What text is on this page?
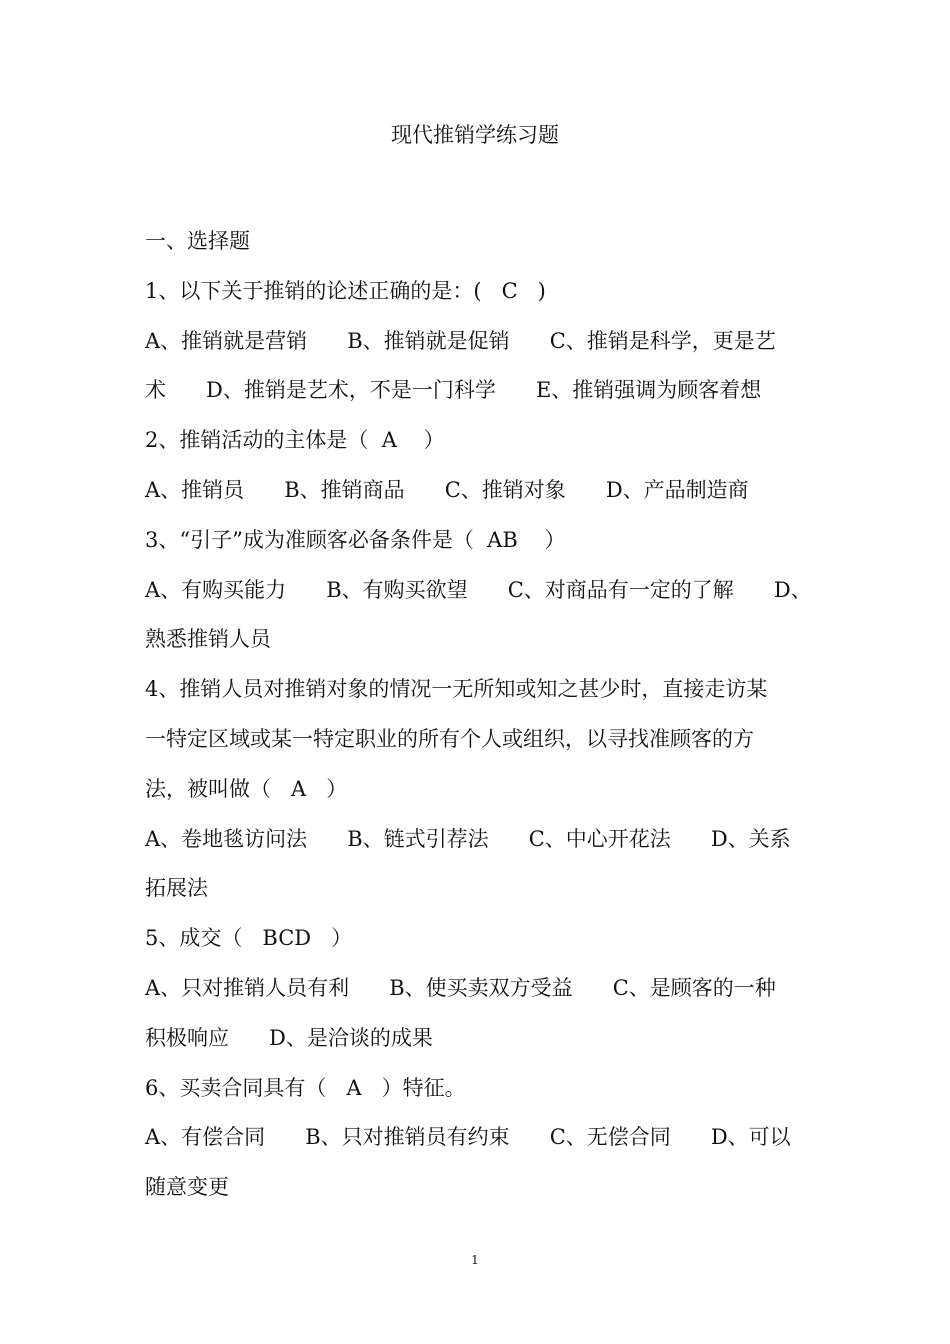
现代推销学练习题
一、选择题
1、以下关于推销的论述正确的是：(   C   )
A、推销就是营销      B、推销就是促销      C、推销是科学，更是艺
术      D、推销是艺术，不是一门科学      E、推销强调为顾客着想
2、推销活动的主体是（  A    ）
A、推销员      B、推销商品      C、推销对象      D、产品制造商
3、“引子”成为准顾客必备条件是（  AB    ）
A、有购买能力      B、有购买欲望      C、对商品有一定的了解      D、
熟悉推销人员
4、推销人员对推销对象的情况一无所知或知之甚少时，直接走访某
一特定区域或某一特定职业的所有个人或组织，以寻找准顾客的方
法，被叫做（   A   ）
A、卷地毯访问法      B、链式引荐法      C、中心开花法      D、关系
拓展法
5、成交（   BCD   ）
A、只对推销人员有利      B、使买卖双方受益      C、是顾客的一种
积极响应      D、是洽谈的成果
6、买卖合同具有（   A   ）特征。
A、有偿合同      B、只对推销员有约束      C、无偿合同      D、可以
随意变更
1
